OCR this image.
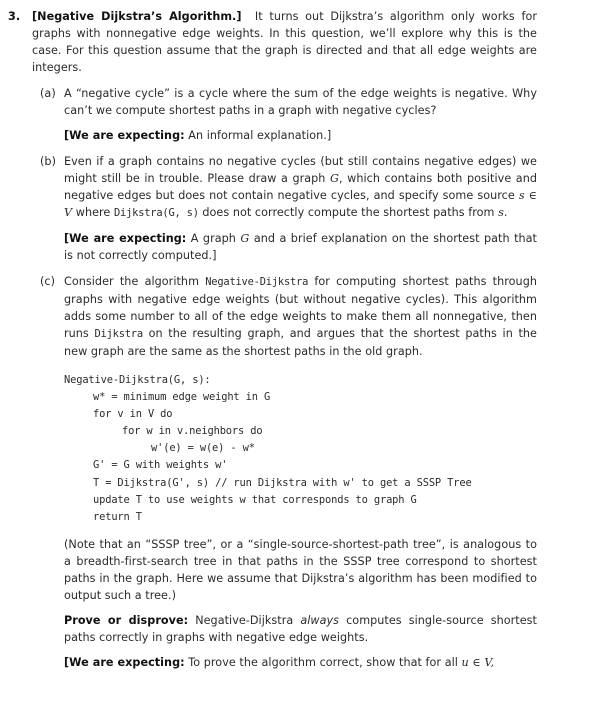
3. [Negative Dijkstra’s Algorithm.] It turns out Dijkstra’s algorithm only works for graphs with nonnegative edge weights. In this question, we’ll explore why this is the case. For this question assume that the graph is directed and that all edge weights are integers.

(a) A “negative cycle” is a cycle where the sum of the edge weights is negative. Why can’t we compute shortest paths in a graph with negative cycles?

[We are expecting: An informal explanation.]

(b) Even if a graph contains no negative cycles (but still contains negative edges) we might still be in trouble. Please draw a graph G, which contains both positive and negative edges but does not contain negative cycles, and specify some source s ∈ V where Dijkstra(G, s) does not correctly compute the shortest paths from s.

[We are expecting: A graph G and a brief explanation on the shortest path that is not correctly computed.]

(c) Consider the algorithm Negative-Dijkstra for computing shortest paths through graphs with negative edge weights (but without negative cycles). This algorithm adds some number to all of the edge weights to make them all nonnegative, then runs Dijkstra on the resulting graph, and argues that the shortest paths in the new graph are the same as the shortest paths in the old graph.

Negative-Dijkstra(G, s):
w* = minimum edge weight in G
for v in V do
for w in v.neighbors do
w'(e) = w(e) - w*
G' = G with weights w'
T = Dijkstra(G', s) // run Dijkstra with w' to get a SSSP Tree
update T to use weights w that corresponds to graph G
return T

(Note that an “SSSP tree”, or a “single-source-shortest-path tree”, is analogous to a breadth-first-search tree in that paths in the SSSP tree correspond to shortest paths in the graph. Here we assume that Dijkstra’s algorithm has been modified to output such a tree.)

Prove or disprove: Negative-Dijkstra always computes single-source shortest paths correctly in graphs with negative edge weights.

[We are expecting: To prove the algorithm correct, show that for all u ∈ V,
